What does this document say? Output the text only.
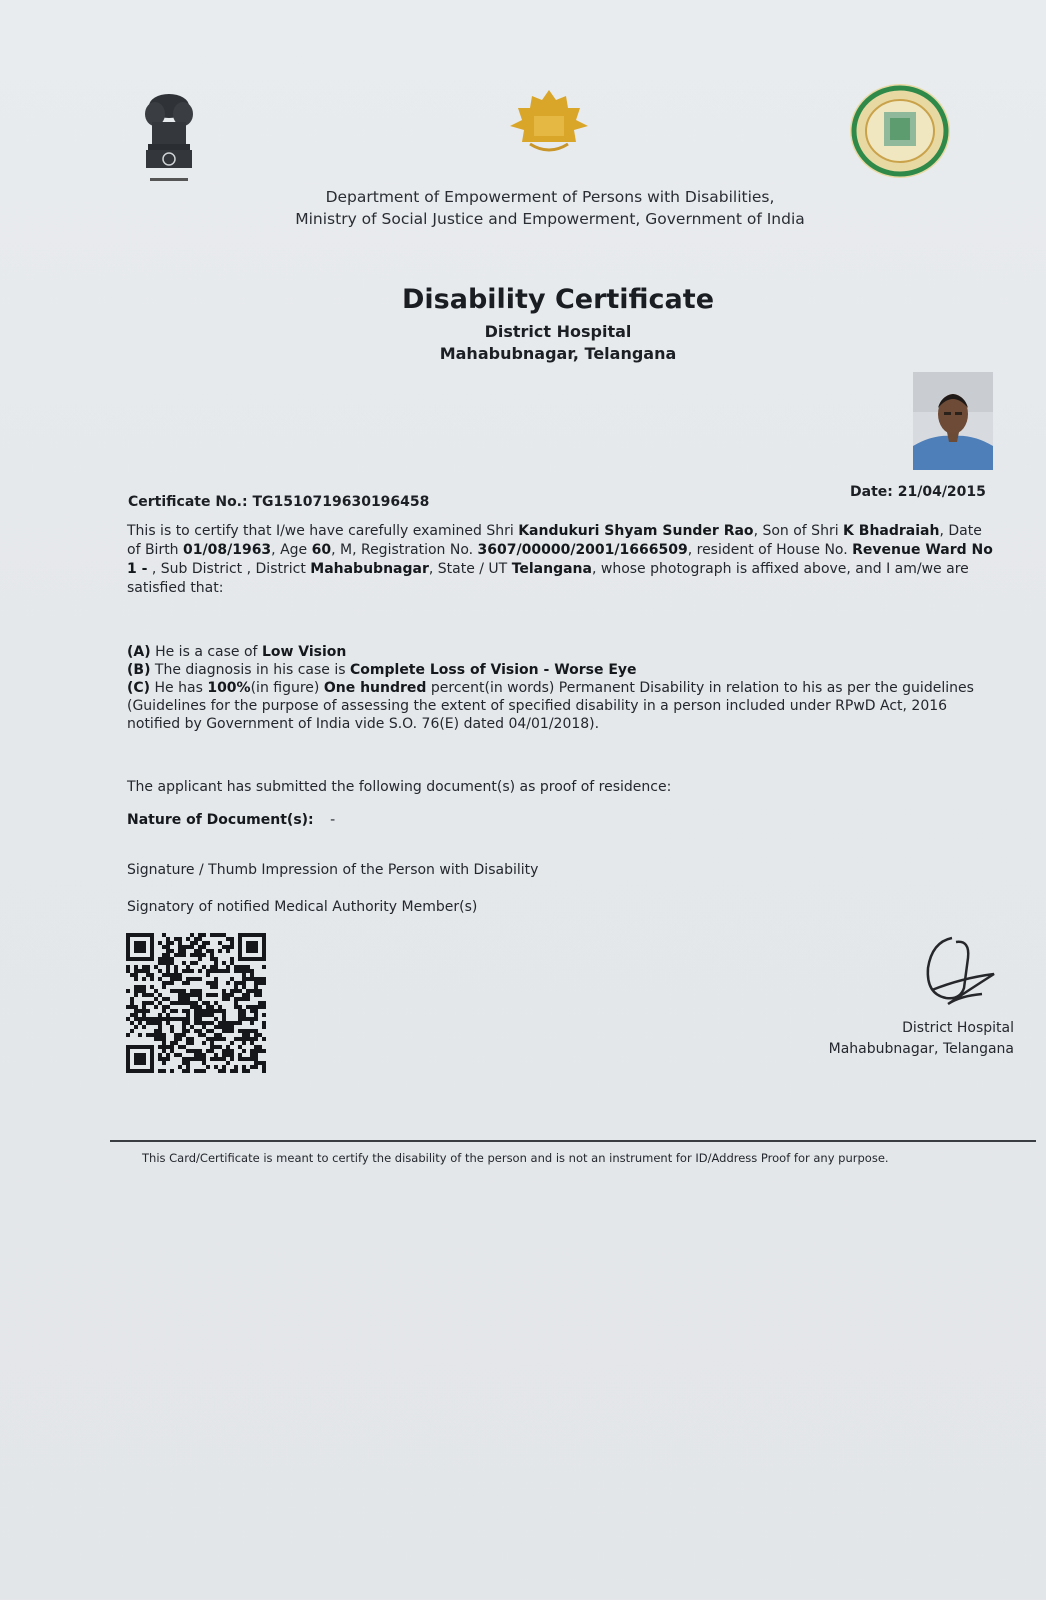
Department of Empowerment of Persons with Disabilities,
Ministry of Social Justice and Empowerment, Government of India
Disability Certificate
District Hospital
Mahabubnagar, Telangana
Certificate No.: TG1510719630196458
Date: 21/04/2015
This is to certify that I/we have carefully examined Shri Kandukuri Shyam Sunder Rao, Son of Shri K Bhadraiah, Date of Birth 01/08/1963, Age 60, M, Registration No. 3607/00000/2001/1666509, resident of House No. Revenue Ward No 1 - , Sub District , District Mahabubnagar, State / UT Telangana, whose photograph is affixed above, and I am/we are satisfied that:
(A) He is a case of Low Vision
(B) The diagnosis in his case is Complete Loss of Vision - Worse Eye
(C) He has 100%(in figure) One hundred percent(in words) Permanent Disability in relation to his as per the guidelines (Guidelines for the purpose of assessing the extent of specified disability in a person included under RPwD Act, 2016 notified by Government of India vide S.O. 76(E) dated 04/01/2018).
The applicant has submitted the following document(s) as proof of residence:
Nature of Document(s): -
Signature / Thumb Impression of the Person with Disability
Signatory of notified Medical Authority Member(s)
District Hospital
Mahabubnagar, Telangana
This Card/Certificate is meant to certify the disability of the person and is not an instrument for ID/Address Proof for any purpose.
